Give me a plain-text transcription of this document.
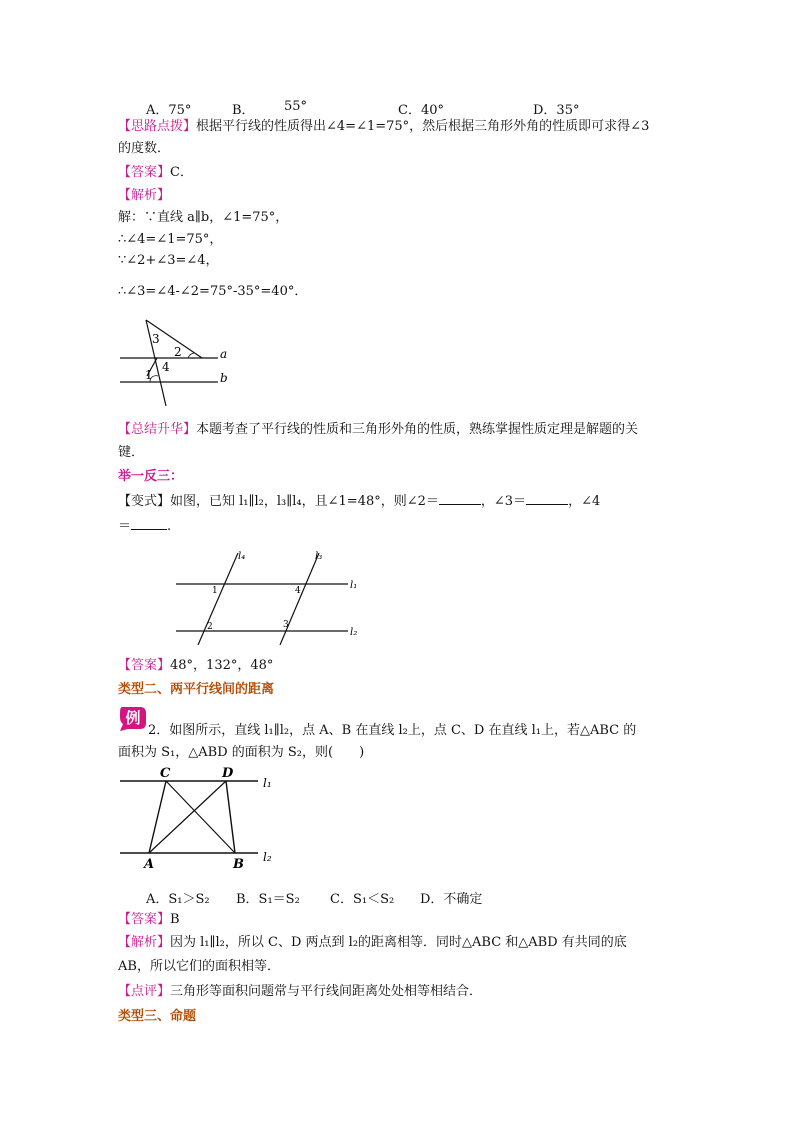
A．75°	B． 55°	C．40°	D．35°
【思路点拨】根据平行线的性质得出∠4=∠1=75°，然后根据三角形外角的性质即可求得∠3
的度数．
【答案】C．
【解析】
解：∵直线 a∥b，∠1=75°，
∴∠4=∠1=75°，
∵∠2+∠3=∠4，
∴∠3=∠4-∠2=75°-35°=40°．
3
2
1
4
a
b
【总结升华】本题考查了平行线的性质和三角形外角的性质，熟练掌握性质定理是解题的关
键．
举一反三：
【变式】如图，已知 l₁∥l₂，l₃∥l₄，且∠1=48°，则∠2＝	，∠3＝	，∠4
＝	.
l₄	l₃
l₁
l₂
1	4
2	3
【答案】48°，132°，48°
类型二、两平行线间的距离
例
2．如图所示，直线 l₁∥l₂，点 A、B 在直线 l₂上，点 C、D 在直线 l₁上，若△ABC 的
面积为 S₁，△ABD 的面积为 S₂，则(　　)
C	D
l₁
A	B l₂
A．S₁＞S₂ B．S₁＝S₂ C．S₁＜S₂ D．不确定
【答案】B
【解析】因为 l₁∥l₂，所以 C、D 两点到 l₂的距离相等．同时△ABC 和△ABD 有共同的底
AB，所以它们的面积相等．
【点评】三角形等面积问题常与平行线间距离处处相等相结合．
类型三、命题
